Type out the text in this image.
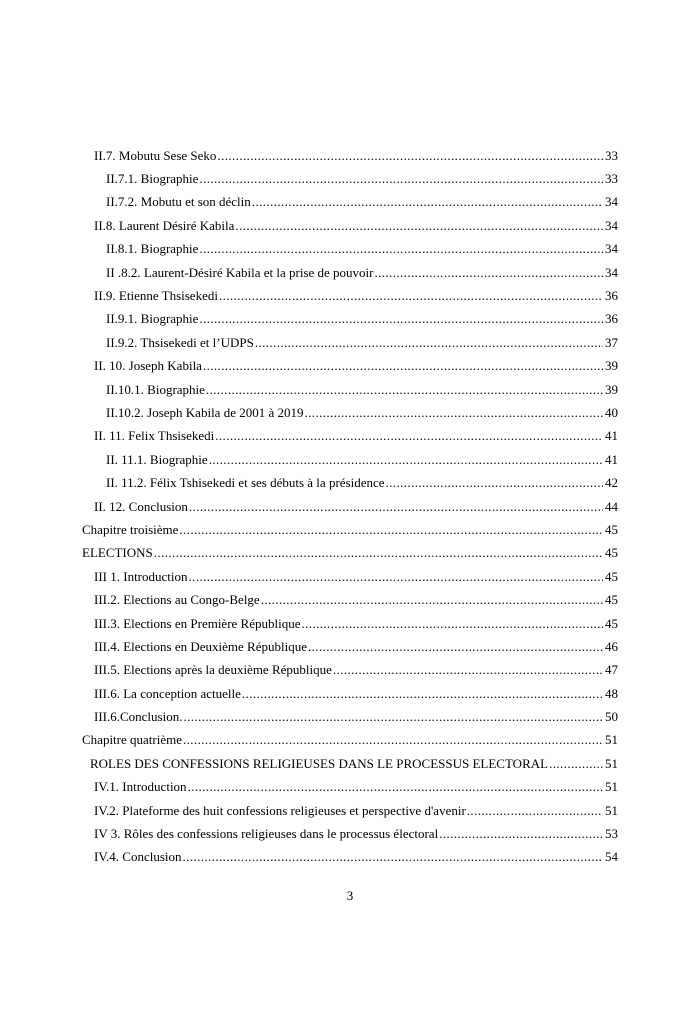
II.7. Mobutu Sese Seko .....	33
II.7.1. Biographie .....	33
II.7.2. Mobutu et son déclin .....	34
II.8. Laurent Désiré Kabila .....	34
II.8.1. Biographie .....	34
II .8.2. Laurent-Désiré Kabila et la prise de pouvoir .....	34
II.9. Etienne Thsisekedi .....	36
II.9.1. Biographie .....	36
II.9.2. Thsisekedi et l’UDPS .....	37
II. 10. Joseph Kabila .....	39
II.10.1. Biographie .....	39
II.10.2. Joseph Kabila de 2001 à 2019 .....	40
II. 11. Felix Thsisekedi .....	41
II. 11.1. Biographie .....	41
II. 11.2. Félix Tshisekedi et ses débuts à la présidence .....	42
II. 12. Conclusion .....	44
Chapitre troisième .....	45
ELECTIONS .....	45
III 1. Introduction .....	45
III.2. Elections au Congo-Belge .....	45
III.3. Elections en Première République .....	45
III.4. Elections en Deuxième République .....	46
III.5. Elections après la deuxième République .....	47
III.6. La conception actuelle .....	48
III.6.Conclusion. .....	50
Chapitre quatrième .....	51
ROLES DES CONFESSIONS RELIGIEUSES DANS LE PROCESSUS ELECTORAL .....	51
IV.1. Introduction .....	51
IV.2. Plateforme des huit confessions religieuses et perspective d'avenir .....	51
IV 3. Rôles des confessions religieuses dans le processus électoral .....	53
IV.4. Conclusion .....	54
3
